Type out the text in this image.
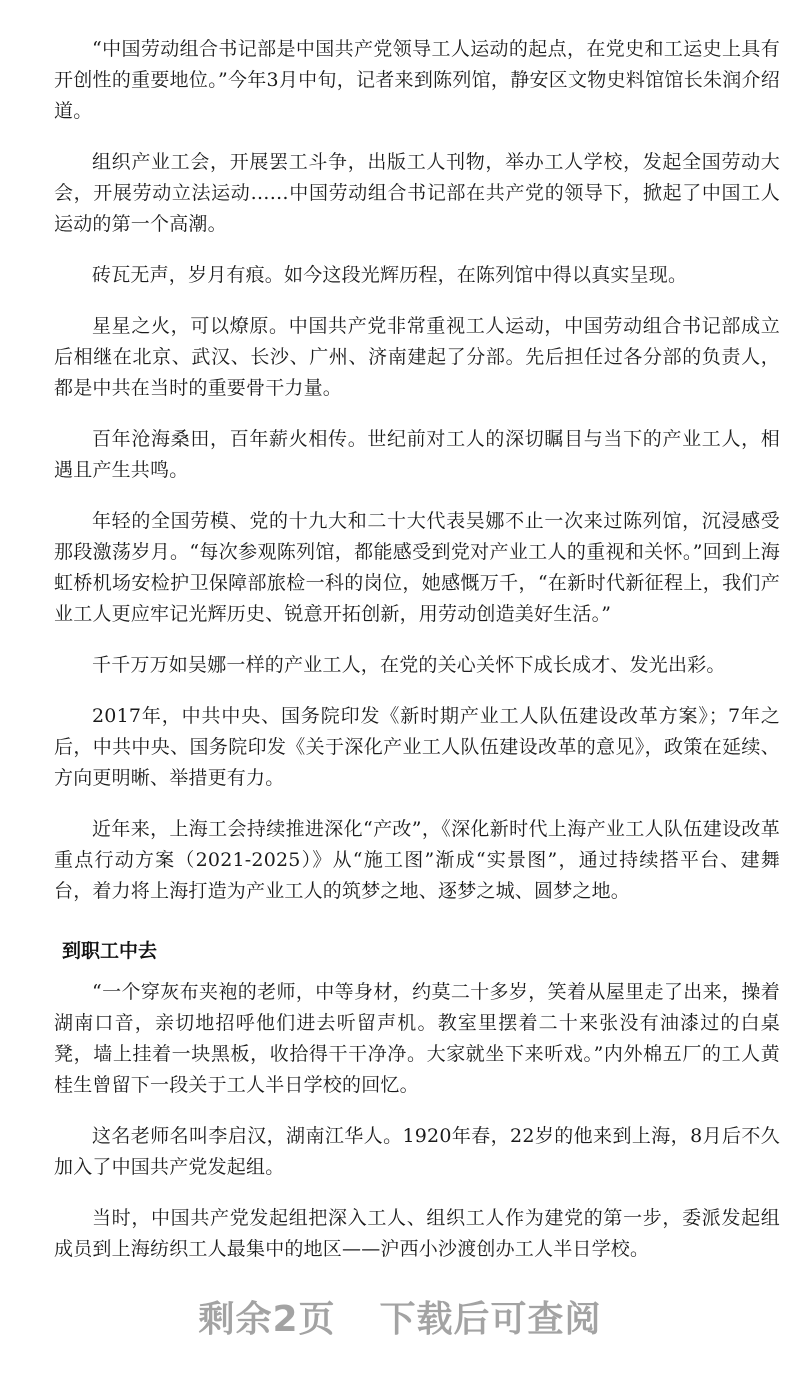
“中国劳动组合书记部是中国共产党领导工人运动的起点，在党史和工运史上具有开创性的重要地位。”今年3月中旬，记者来到陈列馆，静安区文物史料馆馆长朱润介绍道。

组织产业工会，开展罢工斗争，出版工人刊物，举办工人学校，发起全国劳动大会，开展劳动立法运动……中国劳动组合书记部在共产党的领导下，掀起了中国工人运动的第一个高潮。

砖瓦无声，岁月有痕。如今这段光辉历程，在陈列馆中得以真实呈现。

星星之火，可以燎原。中国共产党非常重视工人运动，中国劳动组合书记部成立后相继在北京、武汉、长沙、广州、济南建起了分部。先后担任过各分部的负责人，都是中共在当时的重要骨干力量。

百年沧海桑田，百年薪火相传。世纪前对工人的深切瞩目与当下的产业工人，相遇且产生共鸣。

年轻的全国劳模、党的十九大和二十大代表吴娜不止一次来过陈列馆，沉浸感受那段激荡岁月。“每次参观陈列馆，都能感受到党对产业工人的重视和关怀。”回到上海虹桥机场安检护卫保障部旅检一科的岗位，她感慨万千，“在新时代新征程上，我们产业工人更应牢记光辉历史、锐意开拓创新，用劳动创造美好生活。”

千千万万如吴娜一样的产业工人，在党的关心关怀下成长成才、发光出彩。

2017年，中共中央、国务院印发《新时期产业工人队伍建设改革方案》；7年之后，中共中央、国务院印发《关于深化产业工人队伍建设改革的意见》，政策在延续、方向更明晰、举措更有力。

近年来，上海工会持续推进深化“产改”，《深化新时代上海产业工人队伍建设改革重点行动方案（2021-2025）》从“施工图”渐成“实景图”，通过持续搭平台、建舞台，着力将上海打造为产业工人的筑梦之地、逐梦之城、圆梦之地。

到职工中去

“一个穿灰布夹袍的老师，中等身材，约莫二十多岁，笑着从屋里走了出来，操着湖南口音，亲切地招呼他们进去听留声机。教室里摆着二十来张没有油漆过的白桌凳，墙上挂着一块黑板，收拾得干干净净。大家就坐下来听戏。”内外棉五厂的工人黄桂生曾留下一段关于工人半日学校的回忆。

这名老师名叫李启汉，湖南江华人。1920年春，22岁的他来到上海，8月后不久加入了中国共产党发起组。

当时，中国共产党发起组把深入工人、组织工人作为建党的第一步，委派发起组成员到上海纺织工人最集中的地区——沪西小沙渡创办工人半日学校。

剩余2页 下载后可查阅
